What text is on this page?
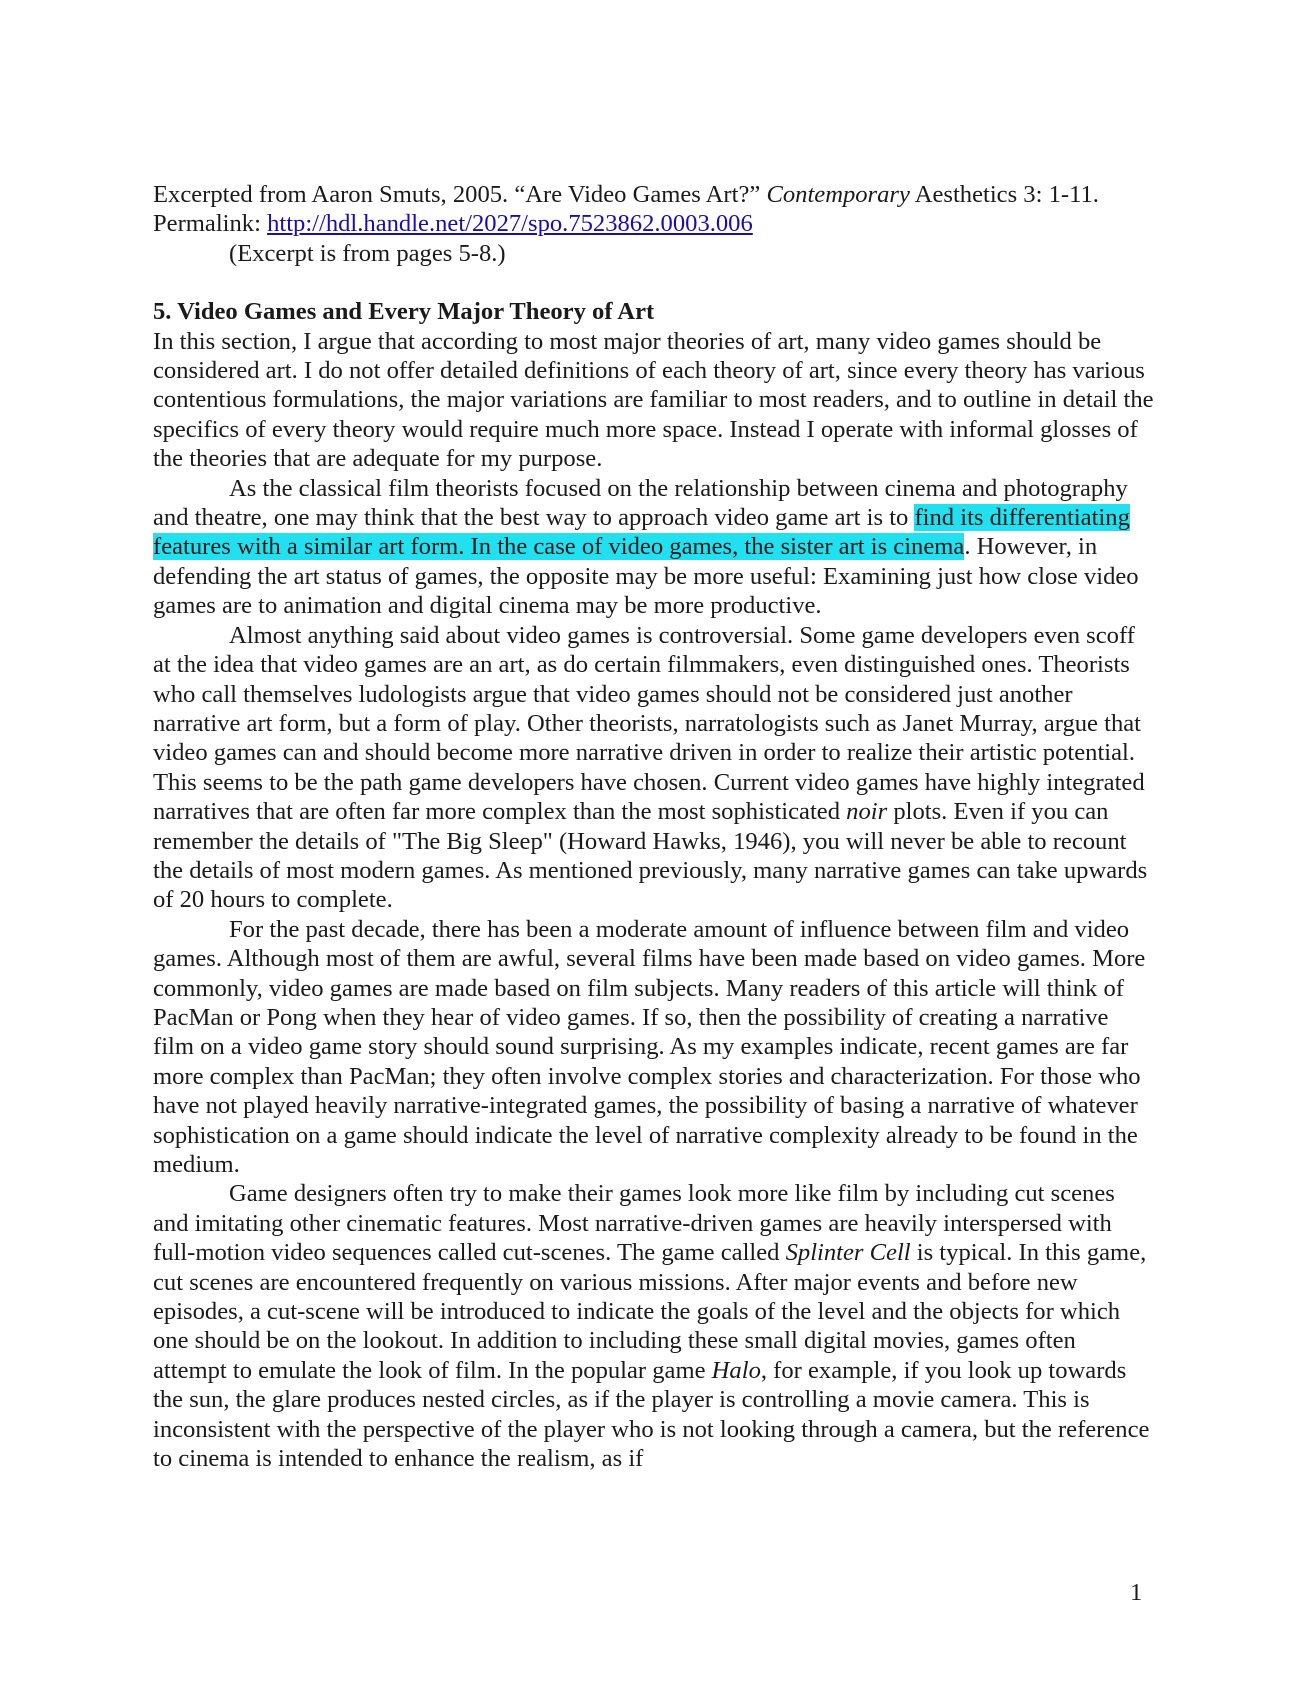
Excerpted from Aaron Smuts, 2005. “Are Video Games Art?” Contemporary Aesthetics 3: 1-11.

Permalink: http://hdl.handle.net/2027/spo.7523862.0003.006

(Excerpt is from pages 5-8.)

5. Video Games and Every Major Theory of Art

In this section, I argue that according to most major theories of art, many video games should be considered art. I do not offer detailed definitions of each theory of art, since every theory has various contentious formulations, the major variations are familiar to most readers, and to outline in detail the specifics of every theory would require much more space. Instead I operate with informal glosses of the theories that are adequate for my purpose.

As the classical film theorists focused on the relationship between cinema and photography and theatre, one may think that the best way to approach video game art is to find its differentiating features with a similar art form. In the case of video games, the sister art is cinema. However, in defending the art status of games, the opposite may be more useful: Examining just how close video games are to animation and digital cinema may be more productive.

Almost anything said about video games is controversial. Some game developers even scoff at the idea that video games are an art, as do certain filmmakers, even distinguished ones. Theorists who call themselves ludologists argue that video games should not be considered just another narrative art form, but a form of play. Other theorists, narratologists such as Janet Murray, argue that video games can and should become more narrative driven in order to realize their artistic potential. This seems to be the path game developers have chosen. Current video games have highly integrated narratives that are often far more complex than the most sophisticated noir plots. Even if you can remember the details of "The Big Sleep" (Howard Hawks, 1946), you will never be able to recount the details of most modern games. As mentioned previously, many narrative games can take upwards of 20 hours to complete.

For the past decade, there has been a moderate amount of influence between film and video games. Although most of them are awful, several films have been made based on video games. More commonly, video games are made based on film subjects. Many readers of this article will think of PacMan or Pong when they hear of video games. If so, then the possibility of creating a narrative film on a video game story should sound surprising. As my examples indicate, recent games are far more complex than PacMan; they often involve complex stories and characterization. For those who have not played heavily narrative-integrated games, the possibility of basing a narrative of whatever sophistication on a game should indicate the level of narrative complexity already to be found in the medium.

Game designers often try to make their games look more like film by including cut scenes and imitating other cinematic features. Most narrative-driven games are heavily interspersed with full-motion video sequences called cut-scenes. The game called Splinter Cell is typical. In this game, cut scenes are encountered frequently on various missions. After major events and before new episodes, a cut-scene will be introduced to indicate the goals of the level and the objects for which one should be on the lookout. In addition to including these small digital movies, games often attempt to emulate the look of film. In the popular game Halo, for example, if you look up towards the sun, the glare produces nested circles, as if the player is controlling a movie camera. This is inconsistent with the perspective of the player who is not looking through a camera, but the reference to cinema is intended to enhance the realism, as if

1
